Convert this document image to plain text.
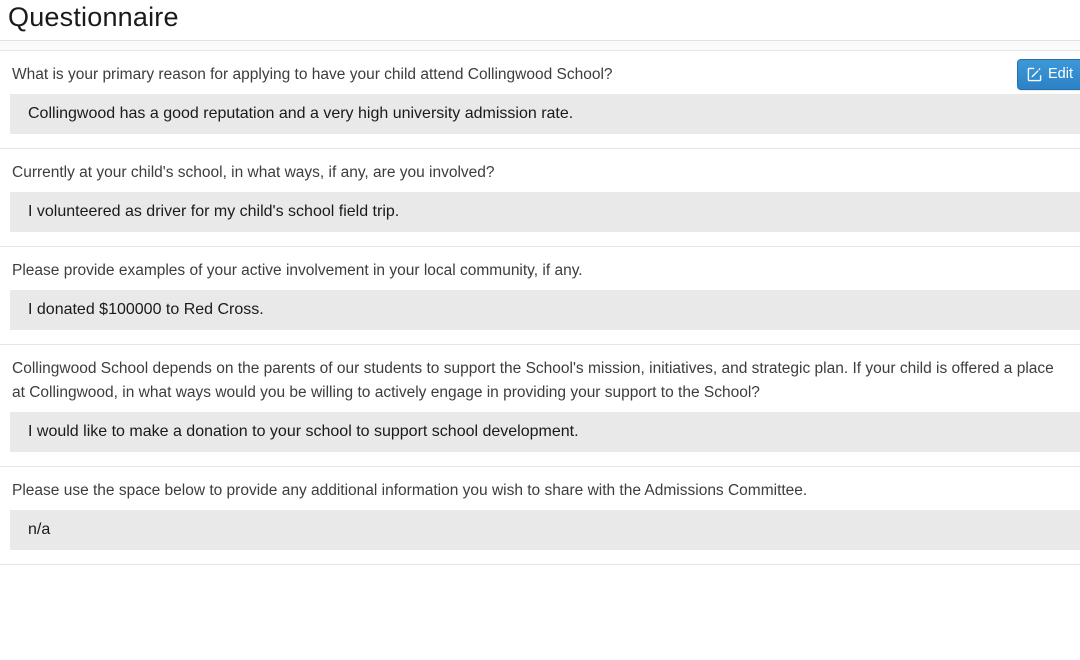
Questionnaire
What is your primary reason for applying to have your child attend Collingwood School?
Collingwood has a good reputation and a very high university admission rate.
Edit
Currently at your child's school, in what ways, if any, are you involved?
I volunteered as driver for my child's school field trip.
Please provide examples of your active involvement in your local community, if any.
I donated $100000 to Red Cross.
Collingwood School depends on the parents of our students to support the School's mission, initiatives, and strategic plan. If your child is offered a place at Collingwood, in what ways would you be willing to actively engage in providing your support to the School?
I would like to make a donation to your school to support school development.
Please use the space below to provide any additional information you wish to share with the Admissions Committee.
n/a
